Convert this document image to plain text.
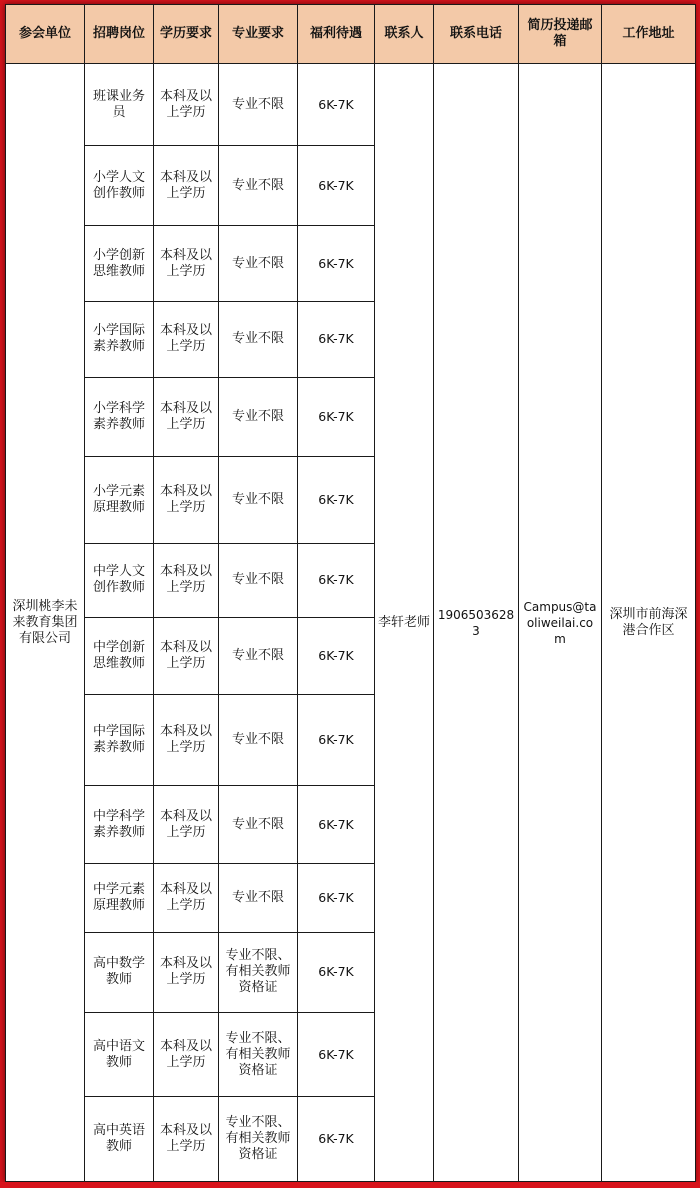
参会单位	招聘岗位	学历要求	专业要求	福利待遇	联系人	联系电话	简历投递邮箱	工作地址
深圳桃李未来教育集团有限公司	班课业务员	本科及以上学历	专业不限	6K-7K	李轩老师	19065036283	Campus@taoliweilai.com	深圳市前海深港合作区
	小学人文创作教师	本科及以上学历	专业不限	6K-7K				
	小学创新思维教师	本科及以上学历	专业不限	6K-7K				
	小学国际素养教师	本科及以上学历	专业不限	6K-7K				
	小学科学素养教师	本科及以上学历	专业不限	6K-7K				
	小学元素原理教师	本科及以上学历	专业不限	6K-7K				
	中学人文创作教师	本科及以上学历	专业不限	6K-7K				
	中学创新思维教师	本科及以上学历	专业不限	6K-7K				
	中学国际素养教师	本科及以上学历	专业不限	6K-7K				
	中学科学素养教师	本科及以上学历	专业不限	6K-7K				
	中学元素原理教师	本科及以上学历	专业不限	6K-7K				
	高中数学教师	本科及以上学历	专业不限、有相关教师资格证	6K-7K				
	高中语文教师	本科及以上学历	专业不限、有相关教师资格证	6K-7K				
	高中英语教师	本科及以上学历	专业不限、有相关教师资格证	6K-7K				
